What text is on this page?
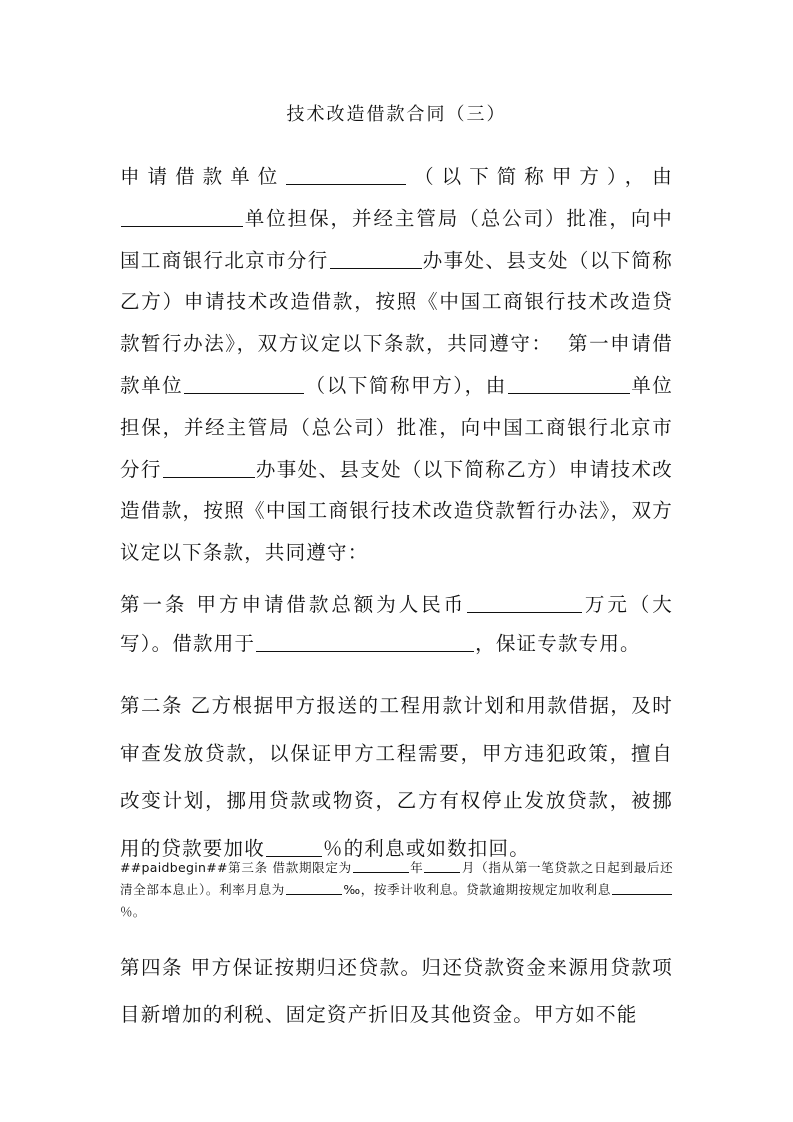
技术改造借款合同（三）
申请借款单位	（以下简称甲方），由单位担保，并经主管局（总公司）批准，向中国工商银行北京市分行	办事处、县支处（以下简称乙方）申请技术改造借款，按照《中国工商银行技术改造贷款暂行办法》，双方议定以下条款，共同遵守： 第一申请借款单位	（以下简称甲方），由	单位担保，并经主管局（总公司）批准，向中国工商银行北京市分行	办事处、县支处（以下简称乙方）申请技术改造借款，按照《中国工商银行技术改造贷款暂行办法》，双方议定以下条款，共同遵守：
第一条 甲方申请借款总额为人民币	万元（大写）。借款用于	，保证专款专用。
第二条 乙方根据甲方报送的工程用款计划和用款借据，及时审查发放贷款，以保证甲方工程需要，甲方违犯政策，擅自改变计划，挪用贷款或物资，乙方有权停止发放贷款，被挪用的贷款要加收	％的利息或如数扣回。
##paidbegin##第三条 借款期限定为	年	月（指从第一笔贷款之日起到最后还清全部本息止）。利率月息为	‰，按季计收利息。贷款逾期按规定加收利息％。
第四条 甲方保证按期归还贷款。归还贷款资金来源用贷款项目新增加的利税、固定资产折旧及其他资金。甲方如不能
